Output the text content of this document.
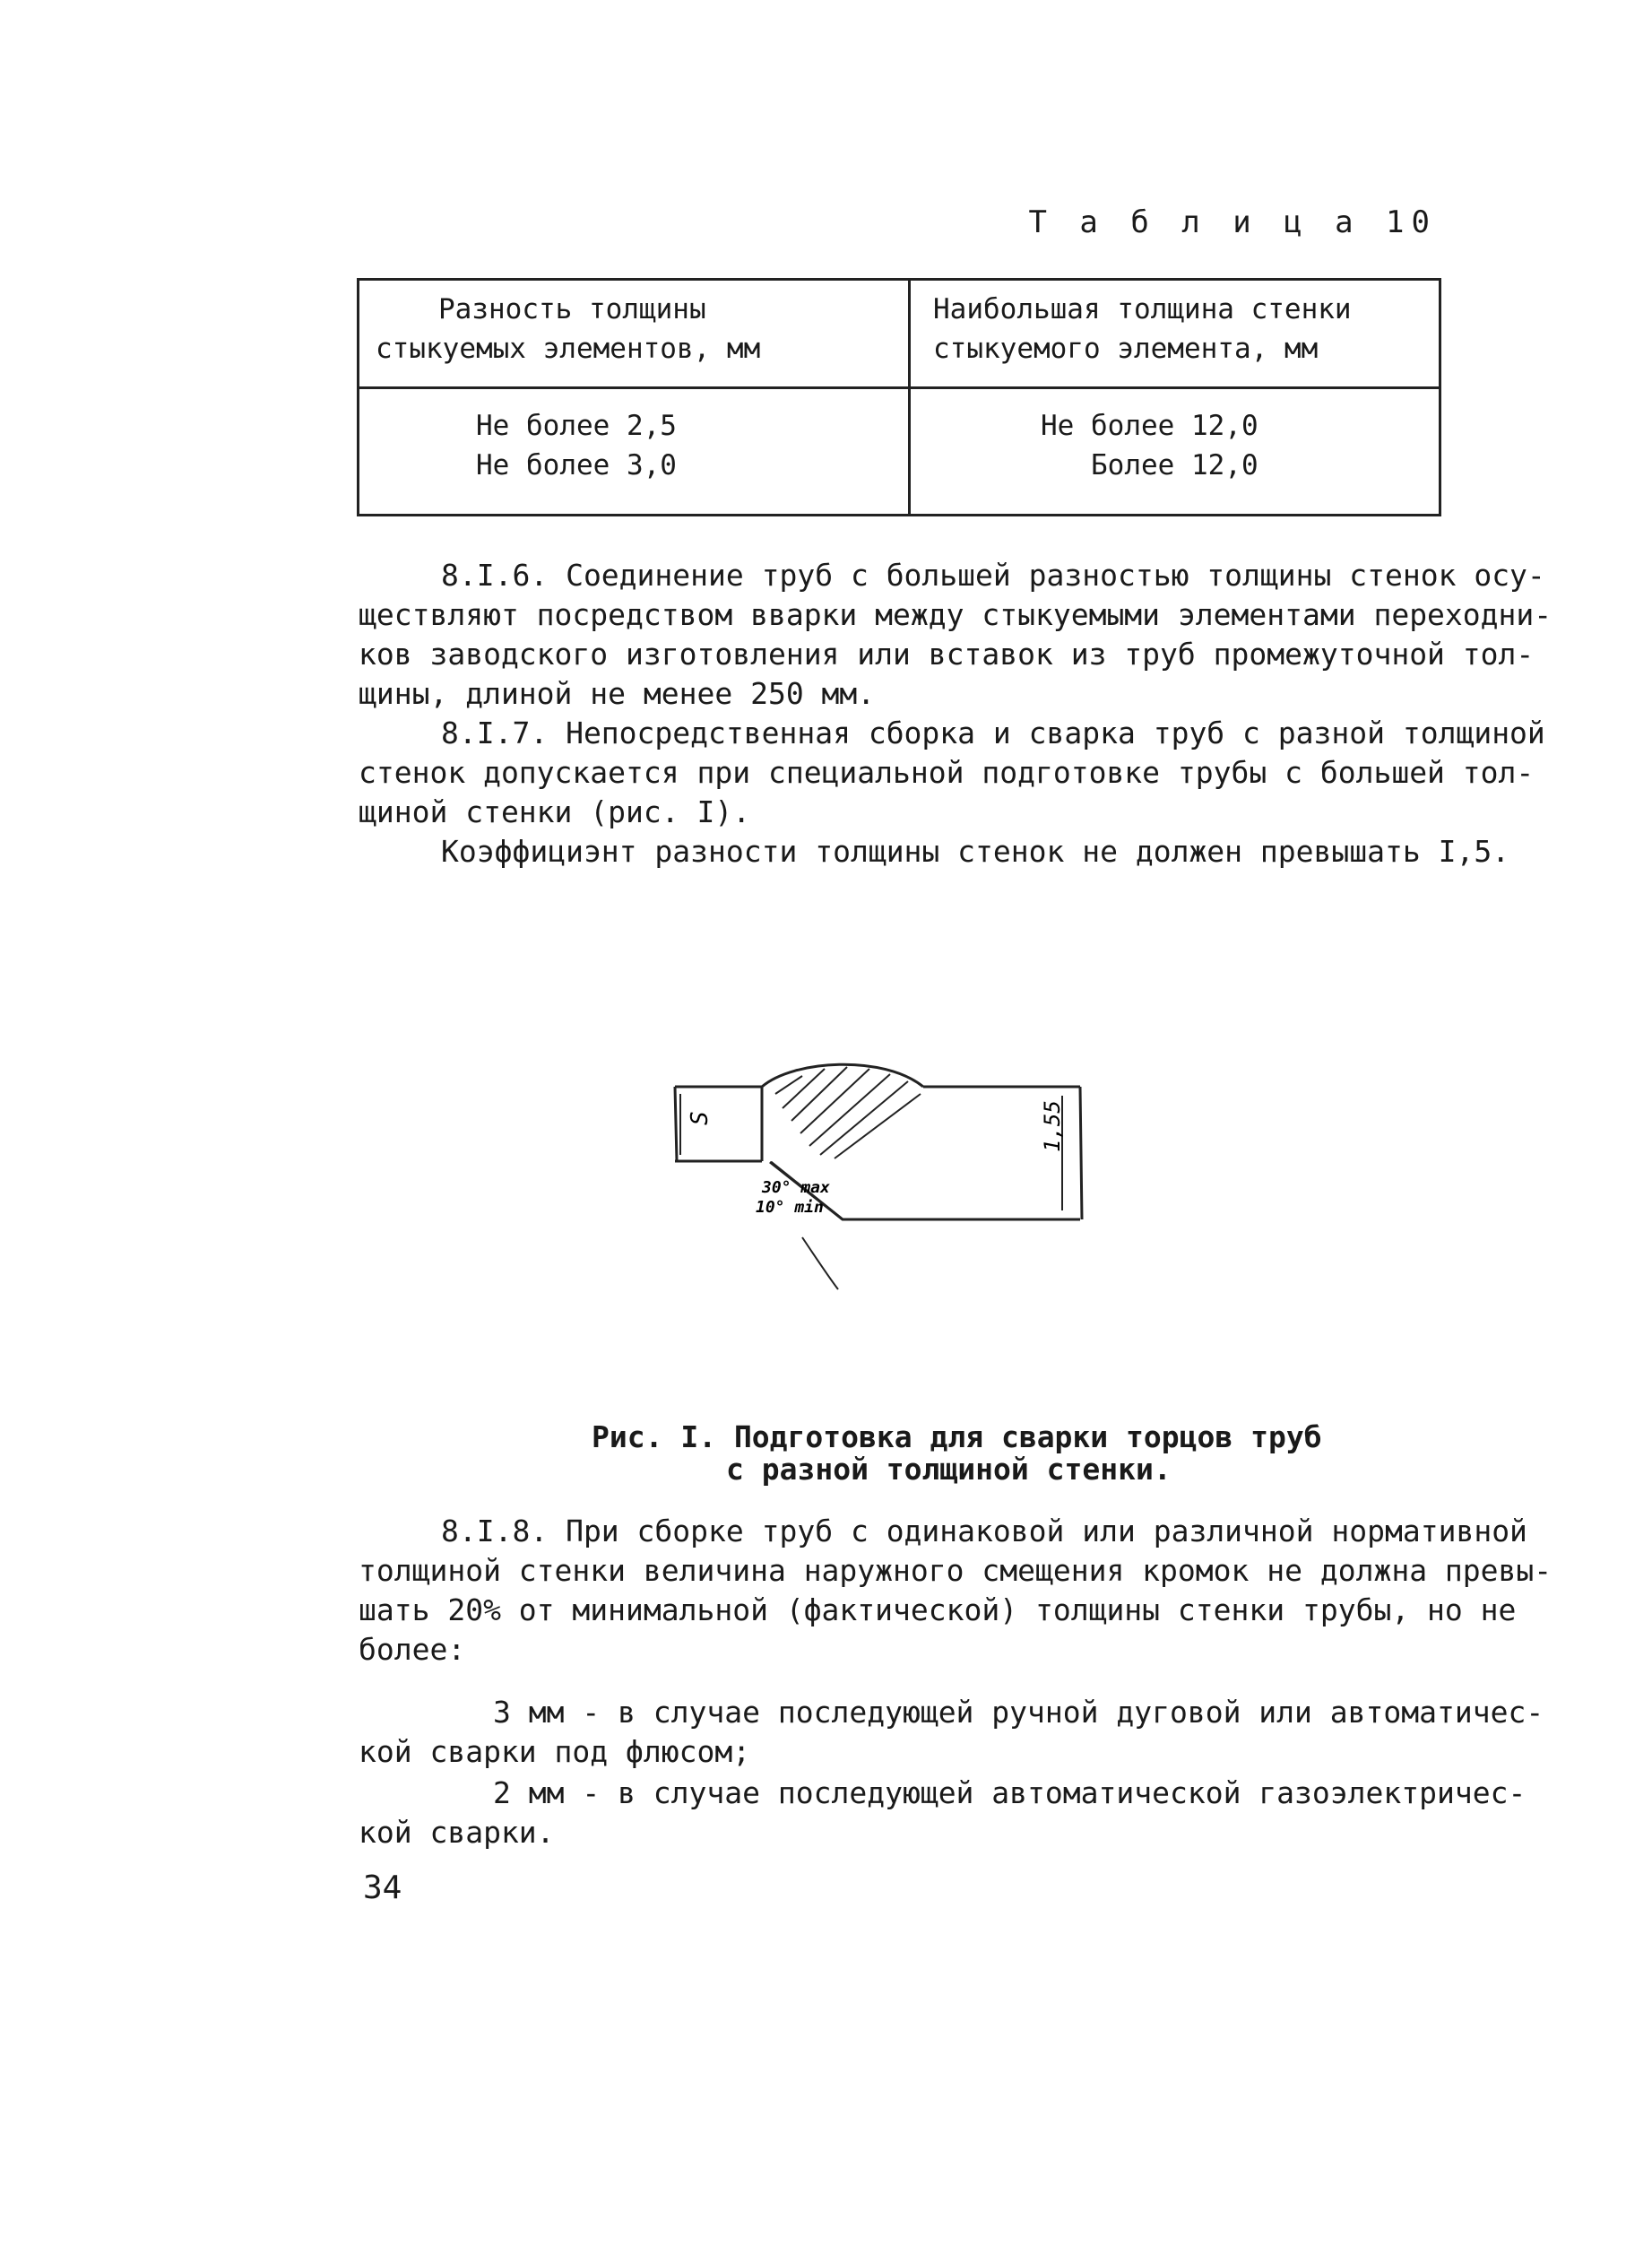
Т а б л и ц а 10
Разность толщины
стыкуемых элементов, мм
Наибольшая толщина стенки
стыкуемого элемента, мм
Не более 2,5
Не более 3,0
Не более 12,0
Более 12,0
8.I.6. Соединение труб с большей разностью толщины стенок осу-
ществляют посредством вварки между стыкуемыми элементами переходни-
ков заводского изготовления или вставок из труб промежуточной тол-
щины, длиной не менее 250 мм.
8.I.7. Непосредственная сборка и сварка труб с разной толщиной
стенок допускается при специальной подготовке трубы с большей тол-
щиной стенки (рис. I).
Коэффициэнт разности толщины стенок не должен превышать I,5.
S	1,55
30° max
10° min
Рис. I. Подготовка для сварки торцов труб
с разной толщиной стенки.
8.I.8. При сборке труб с одинаковой или различной нормативной
толщиной стенки величина наружного смещения кромок не должна превы-
шать 20% от минимальной (фактической) толщины стенки трубы, но не
более:
3 мм - в случае последующей ручной дуговой или автоматичес-
кой сварки под флюсом;
2 мм - в случае последующей автоматической газоэлектричес-
кой сварки.
34
